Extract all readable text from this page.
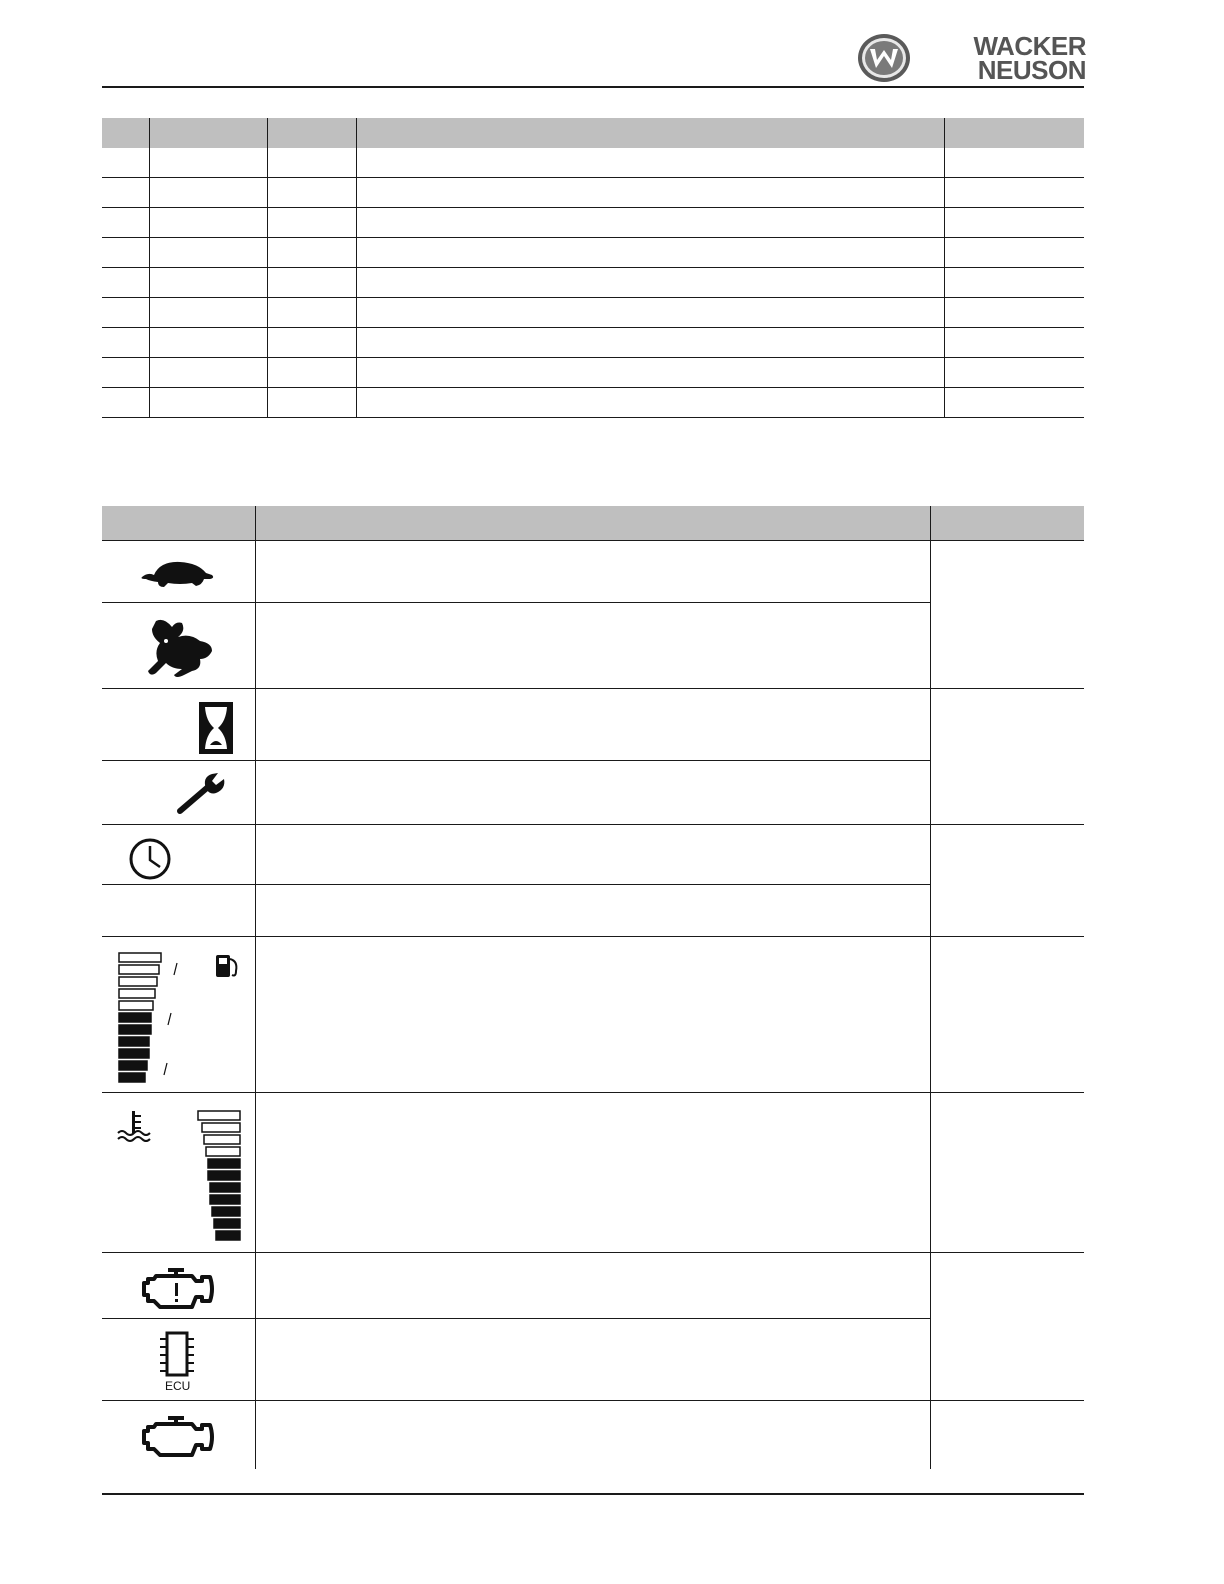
WACKER
NEUSON

ECU		
